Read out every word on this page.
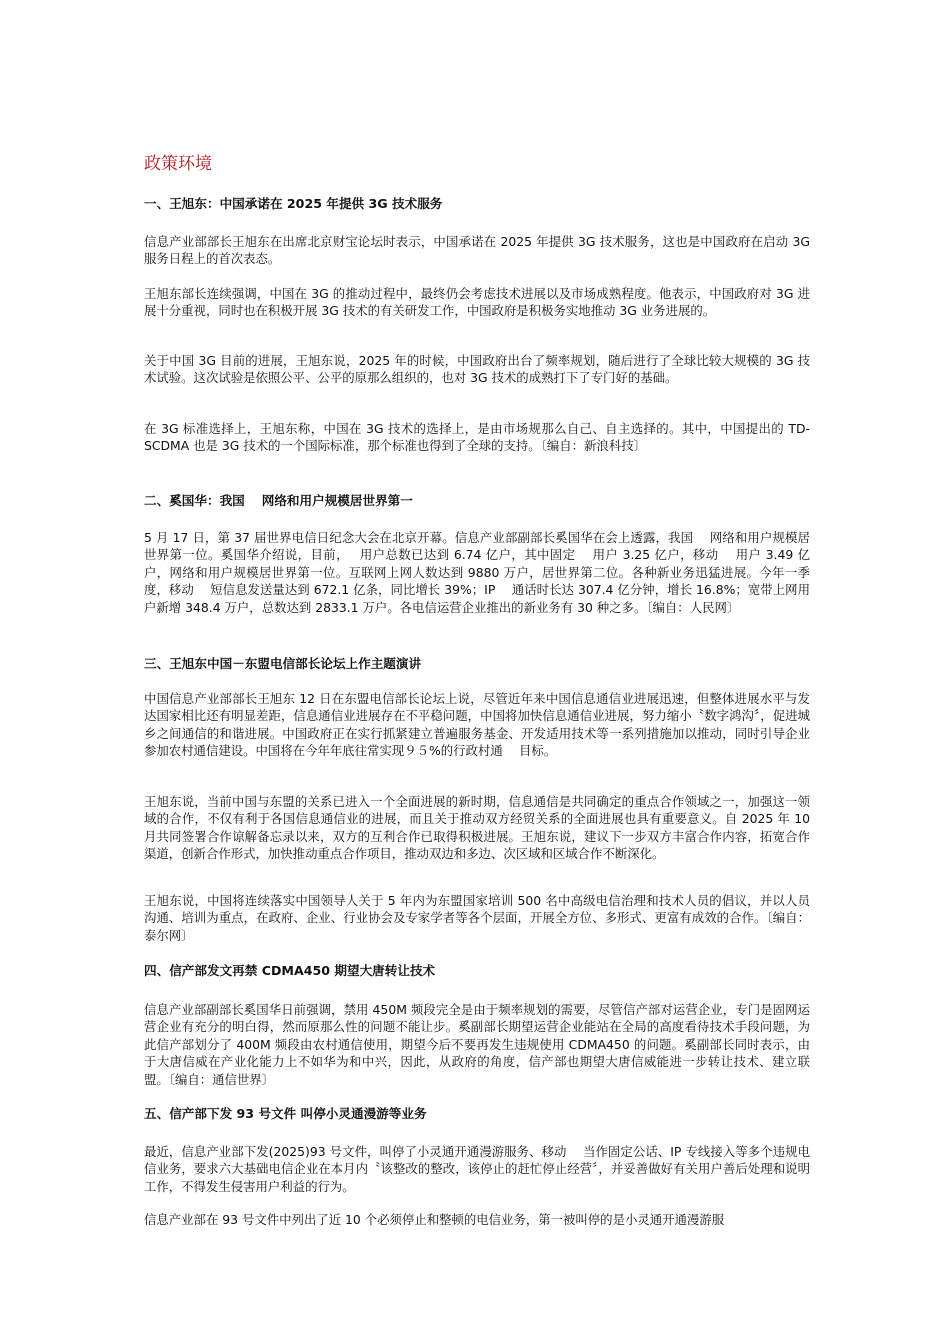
政策环境
一、王旭东：中国承诺在 2025 年提供 3G 技术服务

信息产业部部长王旭东在出席北京财宝论坛时表示，中国承诺在 2025 年提供 3G 技术服务，这也是中国政府在启动 3G 服务日程上的首次表态。

王旭东部长连续强调，中国在 3G 的推动过程中，最终仍会考虑技术进展以及市场成熟程度。他表示，中国政府对 3G 进展十分重视，同时也在积极开展 3G 技术的有关研发工作，中国政府是积极务实地推动 3G 业务进展的。

关于中国 3G 目前的进展，王旭东说，2025 年的时候，中国政府出台了频率规划，随后进行了全球比较大规模的 3G 技术试验。这次试验是依照公平、公平的原那么组织的，也对 3G 技术的成熟打下了专门好的基础。

在 3G 标准选择上，王旭东称，中国在 3G 技术的选择上，是由市场规那么自己、自主选择的。其中，中国提出的 TD-SCDMA 也是 3G 技术的一个国际标准，那个标准也得到了全球的支持。〔编自：新浪科技〕

二、奚国华：我国　 网络和用户规模居世界第一

5 月 17 日，第 37 届世界电信日纪念大会在北京开幕。信息产业部副部长奚国华在会上透露，我国　 网络和用户规模居世界第一位。奚国华介绍说，目前，　 用户总数已达到 6.74 亿户，其中固定　 用户 3.25 亿户，移动　 用户 3.49 亿户，网络和用户规模居世界第一位。互联网上网人数达到 9880 万户，居世界第二位。各种新业务迅猛进展。今年一季度，移动　 短信息发送量达到 672.1 亿条，同比增长 39%；IP　 通话时长达 307.4 亿分钟，增长 16.8%；宽带上网用户新增 348.4 万户，总数达到 2833.1 万户。各电信运营企业推出的新业务有 30 种之多。〔编自：人民网〕

三、王旭东中国－东盟电信部长论坛上作主题演讲

中国信息产业部部长王旭东 12 日在东盟电信部长论坛上说，尽管近年来中国信息通信业进展迅速，但整体进展水平与发达国家相比还有明显差距，信息通信业进展存在不平稳问题，中国将加快信息通信业进展，努力缩小〝数字鸿沟〞，促进城乡之间通信的和谐进展。中国政府正在实行抓紧建立普遍服务基金、开发适用技术等一系列措施加以推动，同时引导企业参加农村通信建设。中国将在今年年底往常实现９５%的行政村通　 目标。

王旭东说，当前中国与东盟的关系已进入一个全面进展的新时期，信息通信是共同确定的重点合作领域之一，加强这一领域的合作，不仅有利于各国信息通信业的进展，而且关于推动双方经贸关系的全面进展也具有重要意义。自 2025 年 10 月共同签署合作谅解备忘录以来，双方的互利合作已取得积极进展。王旭东说，建议下一步双方丰富合作内容，拓宽合作渠道，创新合作形式，加快推动重点合作项目，推动双边和多边、次区域和区域合作不断深化。

王旭东说，中国将连续落实中国领导人关于 5 年内为东盟国家培训 500 名中高级电信治理和技术人员的倡议，并以人员沟通、培训为重点，在政府、企业、行业协会及专家学者等各个层面，开展全方位、多形式、更富有成效的合作。〔编自：泰尔网〕

四、信产部发文再禁 CDMA450 期望大唐转让技术

信息产业部副部长奚国华日前强调，禁用 450M 频段完全是由于频率规划的需要，尽管信产部对运营企业，专门是固网运营企业有充分的明白得，然而原那么性的问题不能让步。奚副部长期望运营企业能站在全局的高度看待技术手段问题，为此信产部划分了 400M 频段由农村通信使用，期望今后不要再发生违规使用 CDMA450 的问题。奚副部长同时表示，由于大唐信威在产业化能力上不如华为和中兴，因此，从政府的角度，信产部也期望大唐信威能进一步转让技术、建立联盟。〔编自：通信世界〕

五、信产部下发 93 号文件 叫停小灵通漫游等业务

最近，信息产业部下发(2025)93 号文件，叫停了小灵通开通漫游服务、移动　 当作固定公话、IP 专线接入等多个违规电信业务，要求六大基础电信企业在本月内〝该整改的整改，该停止的赶忙停止经营〞，并妥善做好有关用户善后处理和说明工作，不得发生侵害用户利益的行为。

信息产业部在 93 号文件中列出了近 10 个必须停止和整顿的电信业务，第一被叫停的是小灵通开通漫游服
